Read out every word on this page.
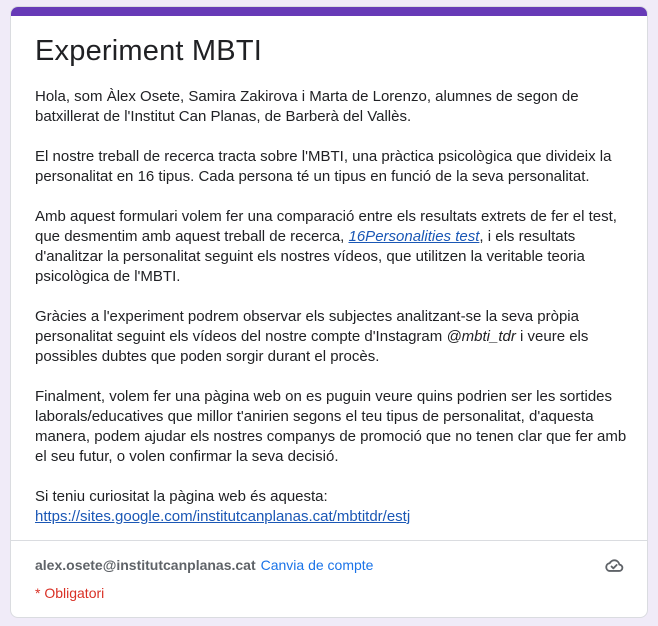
Experiment MBTI

Hola, som Àlex Osete, Samira Zakirova i Marta de Lorenzo, alumnes de segon de batxillerat de l'Institut Can Planas, de Barberà del Vallès.

El nostre treball de recerca tracta sobre l'MBTI, una pràctica psicològica que divideix la personalitat en 16 tipus. Cada persona té un tipus en funció de la seva personalitat.

Amb aquest formulari volem fer una comparació entre els resultats extrets de fer el test, que desmentim amb aquest treball de recerca, 16Personalities test, i els resultats d'analitzar la personalitat seguint els nostres vídeos, que utilitzen la veritable teoria psicològica de l'MBTI.

Gràcies a l'experiment podrem observar els subjectes analitzant-se la seva pròpia personalitat seguint els vídeos del nostre compte d'Instagram @mbti_tdr i veure els possibles dubtes que poden sorgir durant el procès.

Finalment, volem fer una pàgina web on es puguin veure quins podrien ser les sortides laborals/educatives que millor t'anirien segons el teu tipus de personalitat, d'aquesta manera, podem ajudar els nostres companys de promoció que no tenen clar que fer amb el seu futur, o volen confirmar la seva decisió.

Si teniu curiositat la pàgina web és aquesta:
https://sites.google.com/institutcanplanas.cat/mbtitdr/estj

alex.osete@institutcanplanas.cat Canvia de compte
* Obligatori
